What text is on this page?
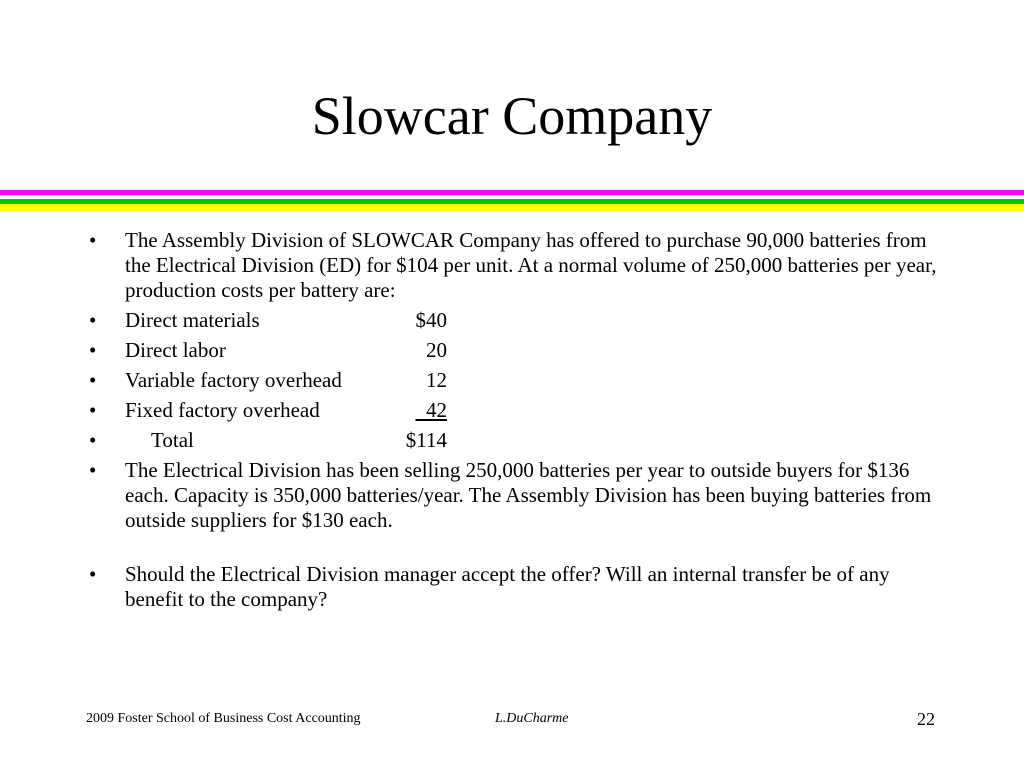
Slowcar Company
•	The Assembly Division of SLOWCAR Company has offered to purchase 90,000 batteries from the Electrical Division (ED) for $104 per unit. At a normal volume of 250,000 batteries per year, production costs per battery are:
•	Direct materials	$40
•	Direct labor	20
•	Variable factory overhead	12
•	Fixed factory overhead	42
•	Total	$114
•	The Electrical Division has been selling 250,000 batteries per year to outside buyers for $136 each. Capacity is 350,000 batteries/year. The Assembly Division has been buying batteries from outside suppliers for $130 each.
•	Should the Electrical Division manager accept the offer? Will an internal transfer be of any benefit to the company?
2009 Foster School of Business Cost Accounting	L.DuCharme	22
